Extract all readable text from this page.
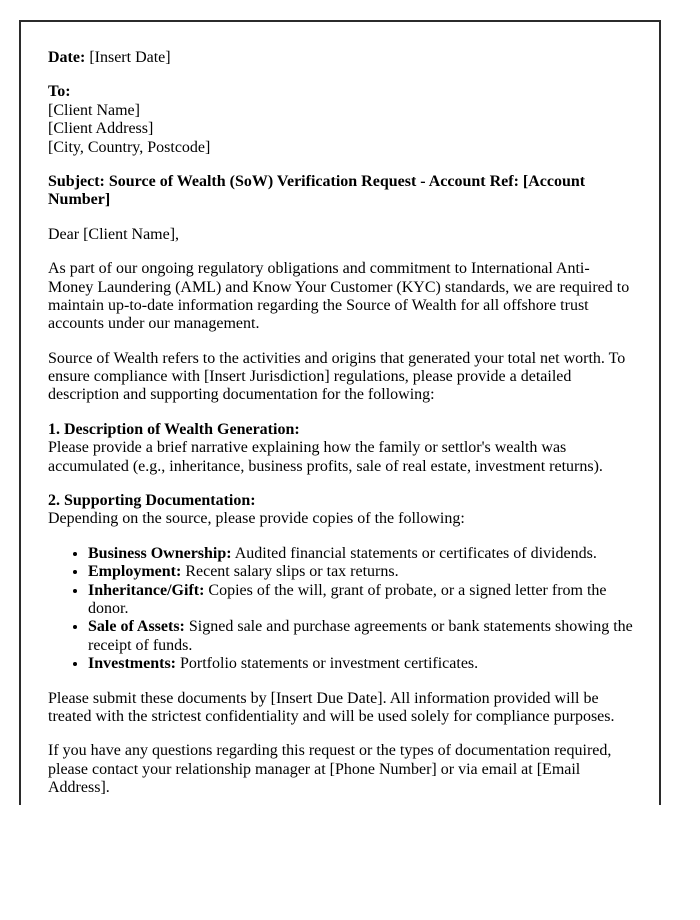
Date: [Insert Date]

To:
[Client Name]
[Client Address]
[City, Country, Postcode]

Subject: Source of Wealth (SoW) Verification Request - Account Ref: [Account Number]

Dear [Client Name],

As part of our ongoing regulatory obligations and commitment to International Anti-Money Laundering (AML) and Know Your Customer (KYC) standards, we are required to maintain up-to-date information regarding the Source of Wealth for all offshore trust accounts under our management.

Source of Wealth refers to the activities and origins that generated your total net worth. To ensure compliance with [Insert Jurisdiction] regulations, please provide a detailed description and supporting documentation for the following:

1. Description of Wealth Generation:
Please provide a brief narrative explaining how the family or settlor's wealth was accumulated (e.g., inheritance, business profits, sale of real estate, investment returns).

2. Supporting Documentation:
Depending on the source, please provide copies of the following:

• Business Ownership: Audited financial statements or certificates of dividends.
• Employment: Recent salary slips or tax returns.
• Inheritance/Gift: Copies of the will, grant of probate, or a signed letter from the donor.
• Sale of Assets: Signed sale and purchase agreements or bank statements showing the receipt of funds.
• Investments: Portfolio statements or investment certificates.

Please submit these documents by [Insert Due Date]. All information provided will be treated with the strictest confidentiality and will be used solely for compliance purposes.

If you have any questions regarding this request or the types of documentation required, please contact your relationship manager at [Phone Number] or via email at [Email Address].
